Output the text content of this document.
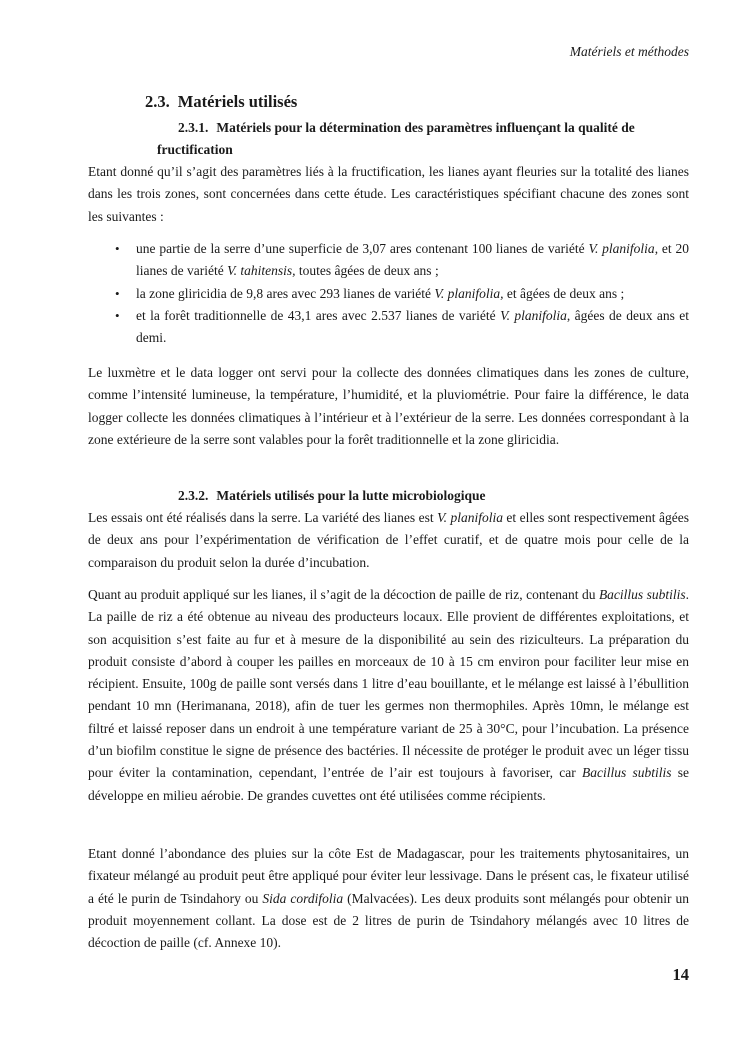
Matériels et méthodes
2.3. Matériels utilisés
2.3.1. Matériels pour la détermination des paramètres influençant la qualité de
fructification

Etant donné qu’il s’agit des paramètres liés à la fructification, les lianes ayant fleuries sur la totalité des lianes dans les trois zones, sont concernées dans cette étude. Les caractéristiques spécifiant chacune des zones sont les suivantes :

• une partie de la serre d’une superficie de 3,07 ares contenant 100 lianes de variété V. planifolia, et 20 lianes de variété V. tahitensis, toutes âgées de deux ans ;
• la zone gliricidia de 9,8 ares avec 293 lianes de variété V. planifolia, et âgées de deux ans ;
• et la forêt traditionnelle de 43,1 ares avec 2.537 lianes de variété V. planifolia, âgées de deux ans et demi.

Le luxmètre et le data logger ont servi pour la collecte des données climatiques dans les zones de culture, comme l’intensité lumineuse, la température, l’humidité, et la pluviométrie. Pour faire la différence, le data logger collecte les données climatiques à l’intérieur et à l’extérieur de la serre. Les données correspondant à la zone extérieure de la serre sont valables pour la forêt traditionnelle et la zone gliricidia.

2.3.2. Matériels utilisés pour la lutte microbiologique

Les essais ont été réalisés dans la serre. La variété des lianes est V. planifolia et elles sont respectivement âgées de deux ans pour l’expérimentation de vérification de l’effet curatif, et de quatre mois pour celle de la comparaison du produit selon la durée d’incubation.

Quant au produit appliqué sur les lianes, il s’agit de la décoction de paille de riz, contenant du Bacillus subtilis. La paille de riz a été obtenue au niveau des producteurs locaux. Elle provient de différentes exploitations, et son acquisition s’est faite au fur et à mesure de la disponibilité au sein des riziculteurs. La préparation du produit consiste d’abord à couper les pailles en morceaux de 10 à 15 cm environ pour faciliter leur mise en récipient. Ensuite, 100g de paille sont versés dans 1 litre d’eau bouillante, et le mélange est laissé à l’ébullition pendant 10 mn (Herimanana, 2018), afin de tuer les germes non thermophiles. Après 10mn, le mélange est filtré et laissé reposer dans un endroit à une température variant de 25 à 30°C, pour l’incubation. La présence d’un biofilm constitue le signe de présence des bactéries. Il nécessite de protéger le produit avec un léger tissu pour éviter la contamination, cependant, l’entrée de l’air est toujours à favoriser, car Bacillus subtilis se développe en milieu aérobie. De grandes cuvettes ont été utilisées comme récipients.

Etant donné l’abondance des pluies sur la côte Est de Madagascar, pour les traitements phytosanitaires, un fixateur mélangé au produit peut être appliqué pour éviter leur lessivage. Dans le présent cas, le fixateur utilisé a été le purin de Tsindahory ou Sida cordifolia (Malvacées). Les deux produits sont mélangés pour obtenir un produit moyennement collant. La dose est de 2 litres de purin de Tsindahory mélangés avec 10 litres de décoction de paille (cf. Annexe 10).

14
